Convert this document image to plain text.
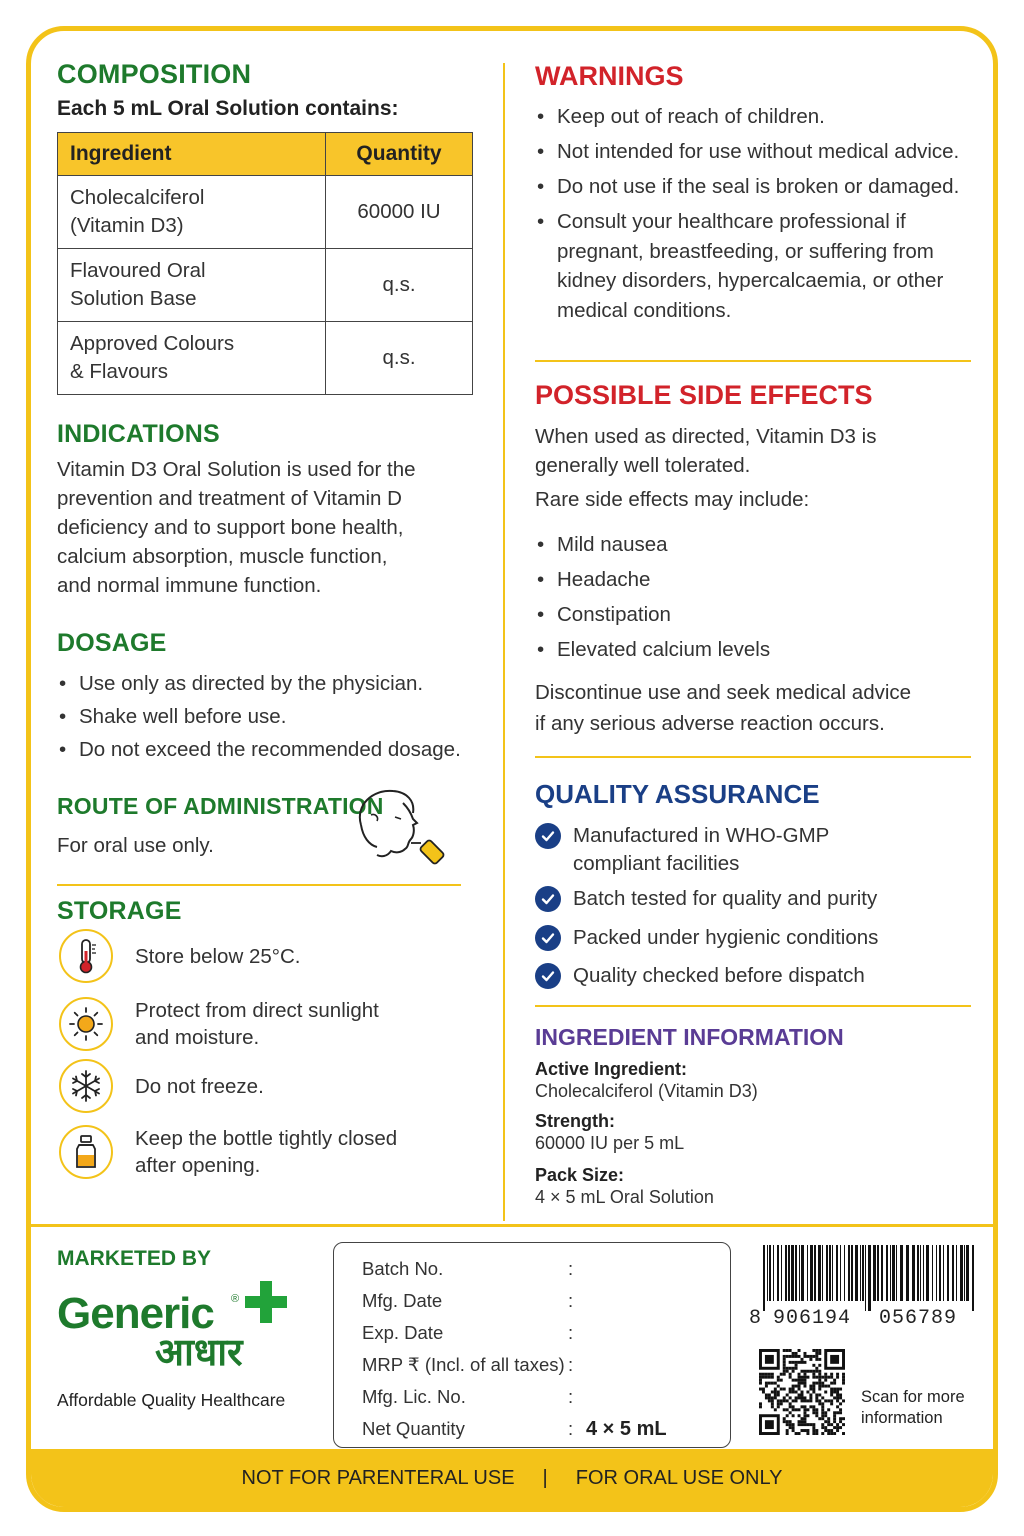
COMPOSITION
Each 5 mL Oral Solution contains:
Ingredient	Quantity
Cholecalciferol
(Vitamin D3)	60000 IU
Flavoured Oral
Solution Base	q.s.
Approved Colours
& Flavours	q.s.
INDICATIONS
Vitamin D3 Oral Solution is used for the
prevention and treatment of Vitamin D
deficiency and to support bone health,
calcium absorption, muscle function,
and normal immune function.
DOSAGE
• Use only as directed by the physician.
• Shake well before use.
• Do not exceed the recommended dosage.
ROUTE OF ADMINISTRATION
For oral use only.
STORAGE
Store below 25°C.
Protect from direct sunlight
and moisture.
Do not freeze.
Keep the bottle tightly closed
after opening.
WARNINGS
• Keep out of reach of children.
• Not intended for use without medical advice.
• Do not use if the seal is broken or damaged.
• Consult your healthcare professional if
pregnant, breastfeeding, or suffering from
kidney disorders, hypercalcaemia, or other
medical conditions.
POSSIBLE SIDE EFFECTS
When used as directed, Vitamin D3 is
generally well tolerated.
Rare side effects may include:
• Mild nausea
• Headache
• Constipation
• Elevated calcium levels
Discontinue use and seek medical advice
if any serious adverse reaction occurs.
QUALITY ASSURANCE
Manufactured in WHO-GMP
compliant facilities
Batch tested for quality and purity
Packed under hygienic conditions
Quality checked before dispatch
INGREDIENT INFORMATION
Active Ingredient:
Cholecalciferol (Vitamin D3)
Strength:
60000 IU per 5 mL
Pack Size:
4 × 5 mL Oral Solution
MARKETED BY
Generic ®
आधार
Affordable Quality Healthcare
Batch No.	:
Mfg. Date	:
Exp. Date	:
MRP ₹ (Incl. of all taxes) :
Mfg. Lic. No.	:
Net Quantity	: 4 × 5 mL
8 906194	056789
Scan for more
information
NOT FOR PARENTERAL USE | FOR ORAL USE ONLY
